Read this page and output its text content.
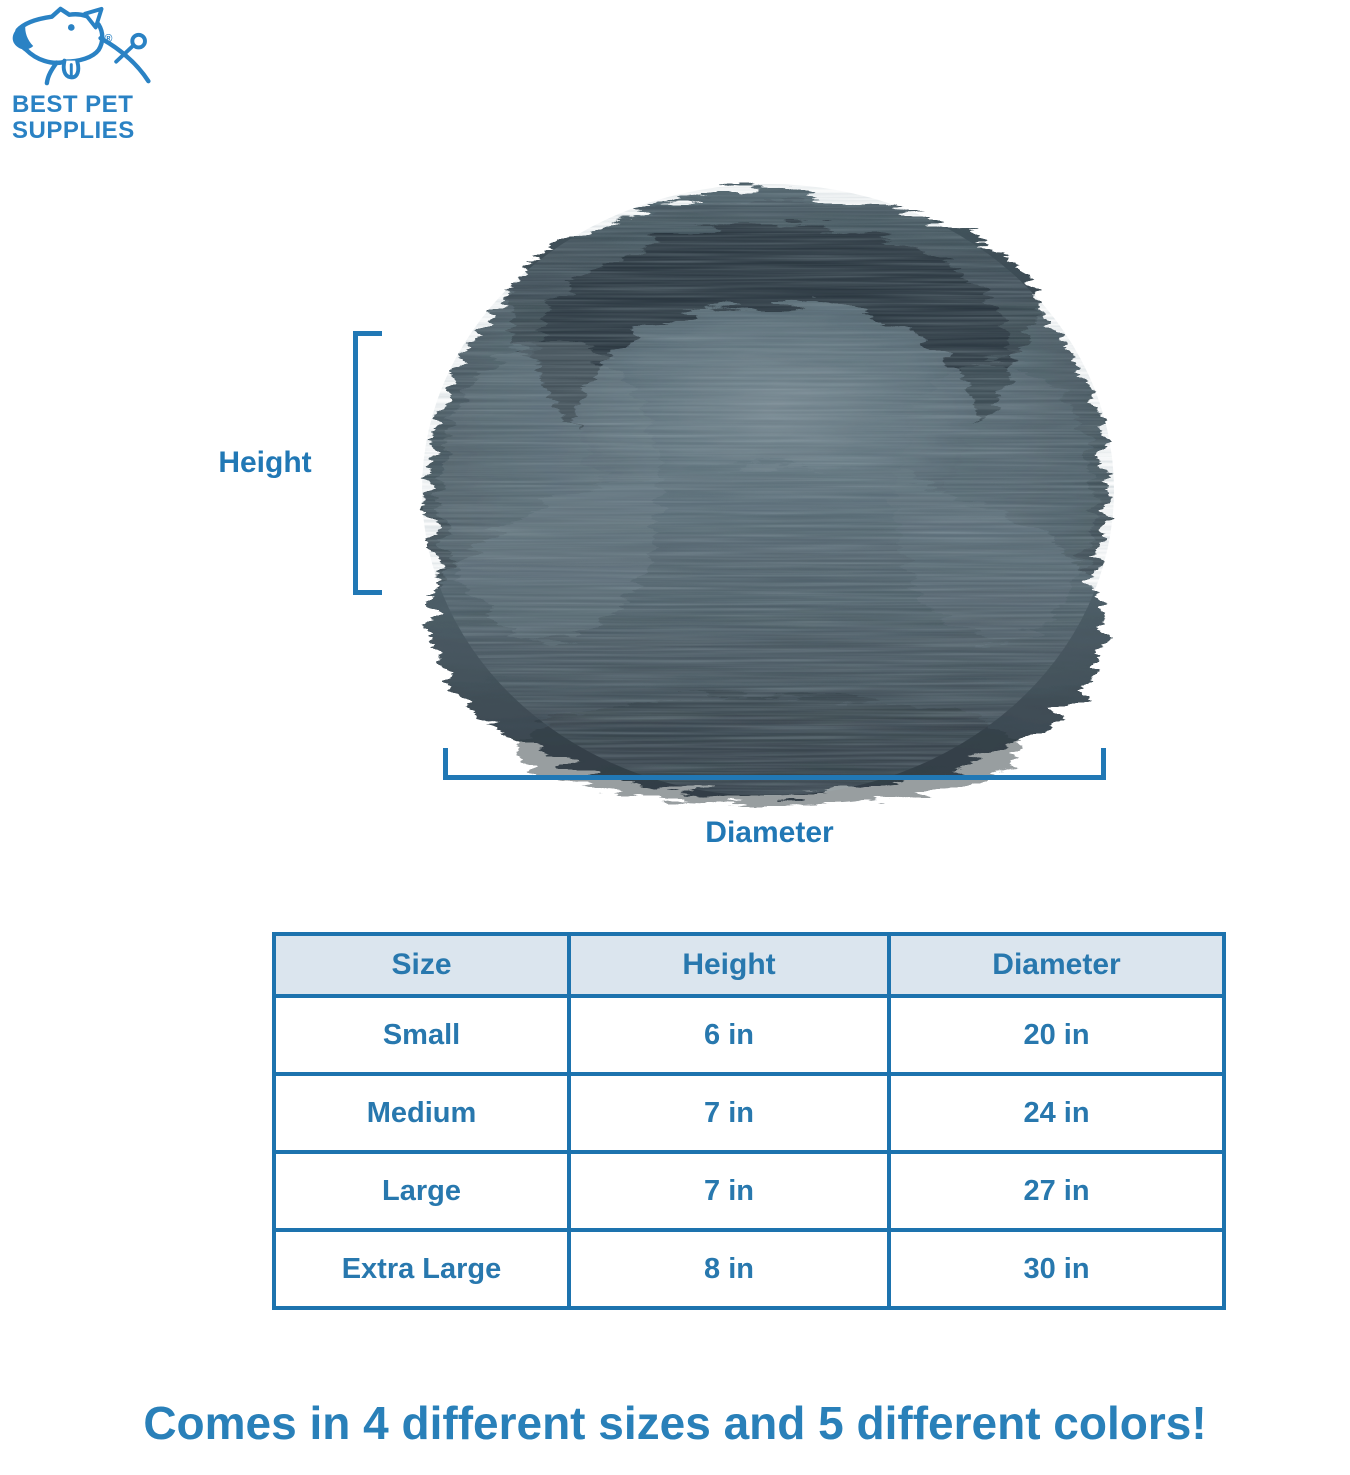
®
BEST PET
SUPPLIES
Height
Diameter
Size	Height	Diameter
Small	6 in	20 in
Medium	7 in	24 in
Large	7 in	27 in
Extra Large	8 in	30 in
Comes in 4 different sizes and 5 different colors!
